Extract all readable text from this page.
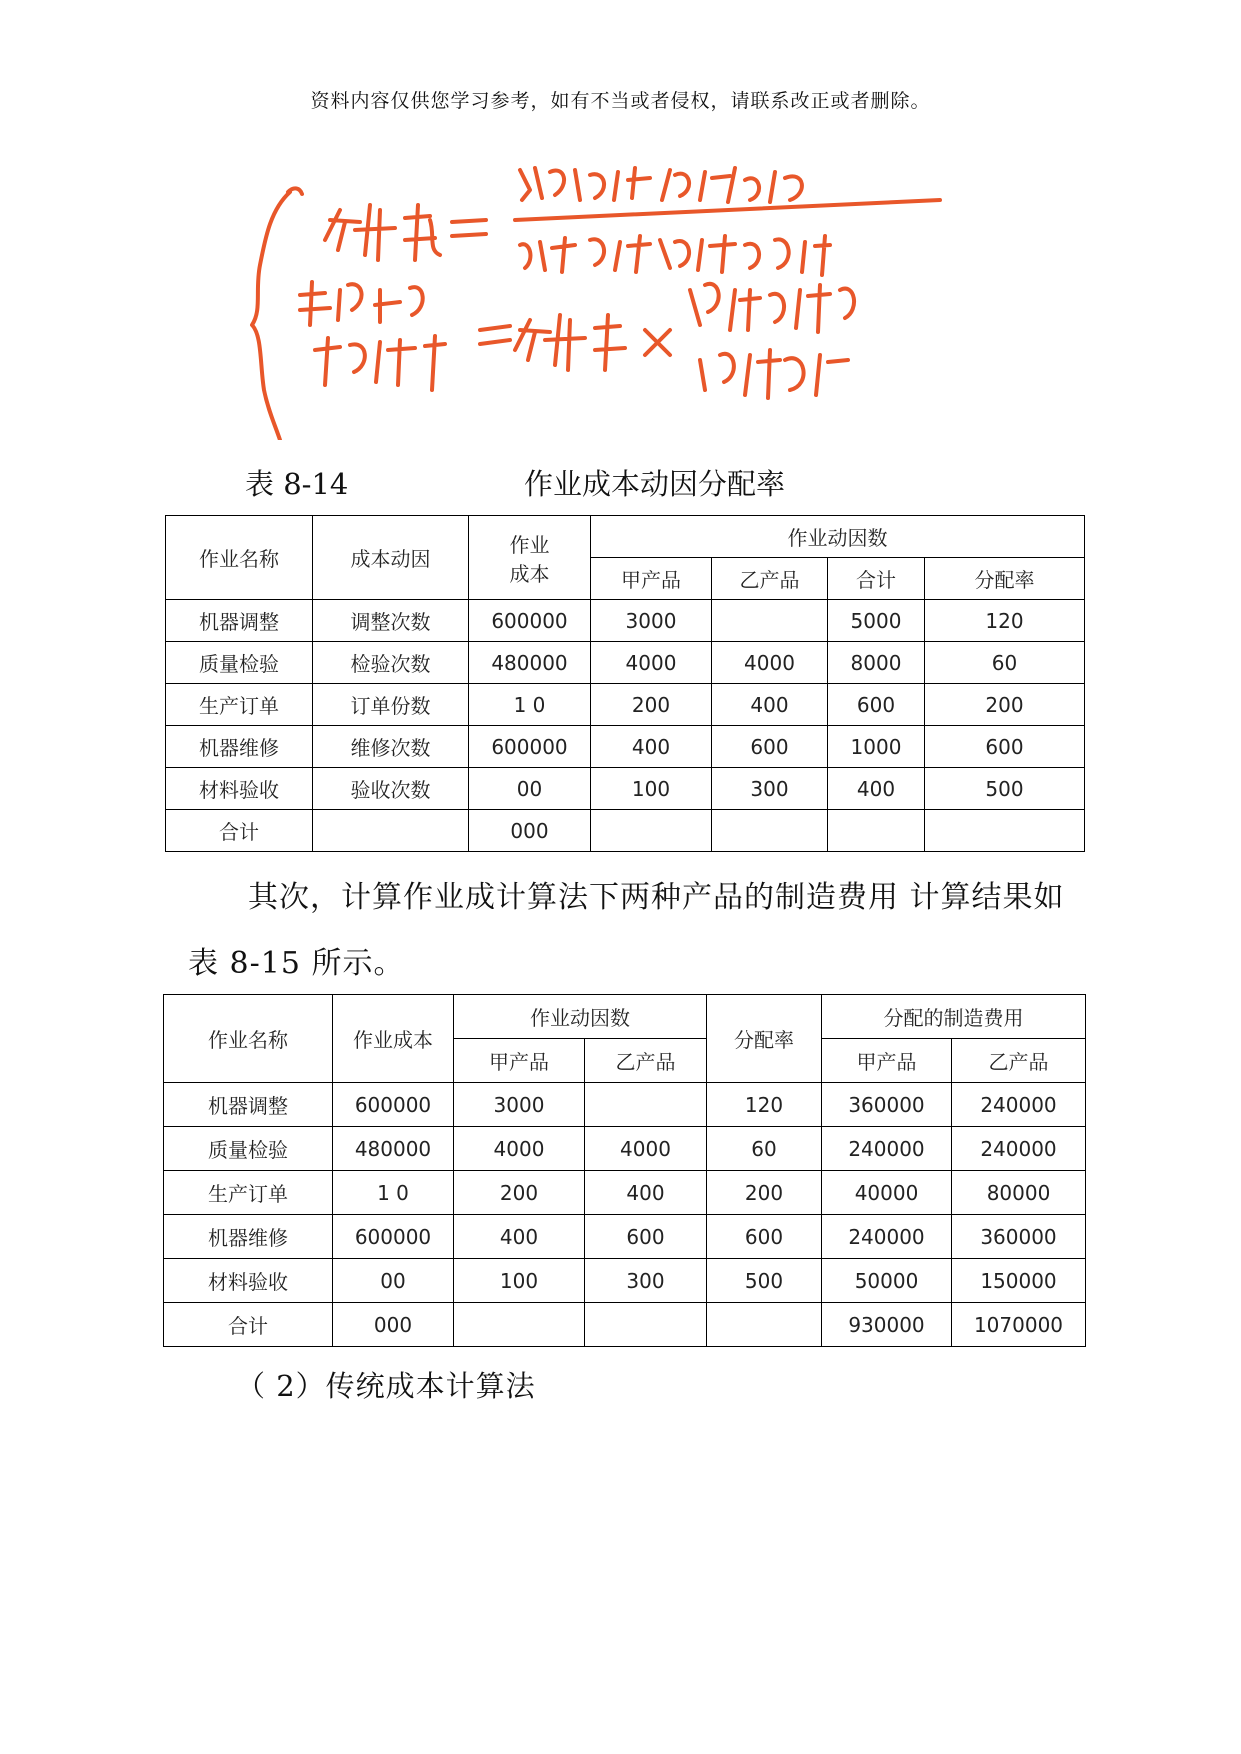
资料内容仅供您学习参考，如有不当或者侵权，请联系改正或者删除。
表 8-14	作业成本动因分配率
作业名称	成本动因	作业
成本	作业动因数			
			甲产品	乙产品	合计	分配率
机器调整	调整次数	600000	3000		5000	120
质量检验	检验次数	480000	4000	4000	8000	60
生产订单	订单份数	1 0	200	400	600	200
机器维修	维修次数	600000	400	600	1000	600
材料验收	验收次数	00	100	300	400	500
合计		000				
其次，计算作业成计算法下两种产品的制造费用 计算结果如
表 8-15 所示。
作业名称	作业成本	作业动因数		分配率	分配的制造费用	
		甲产品	乙产品		甲产品	乙产品
机器调整	600000	3000		120	360000	240000
质量检验	480000	4000	4000	60	240000	240000
生产订单	1 0	200	400	200	40000	80000
机器维修	600000	400	600	600	240000	360000
材料验收	00	100	300	500	50000	150000
合计	000				930000	1070000
（ 2）传统成本计算法
